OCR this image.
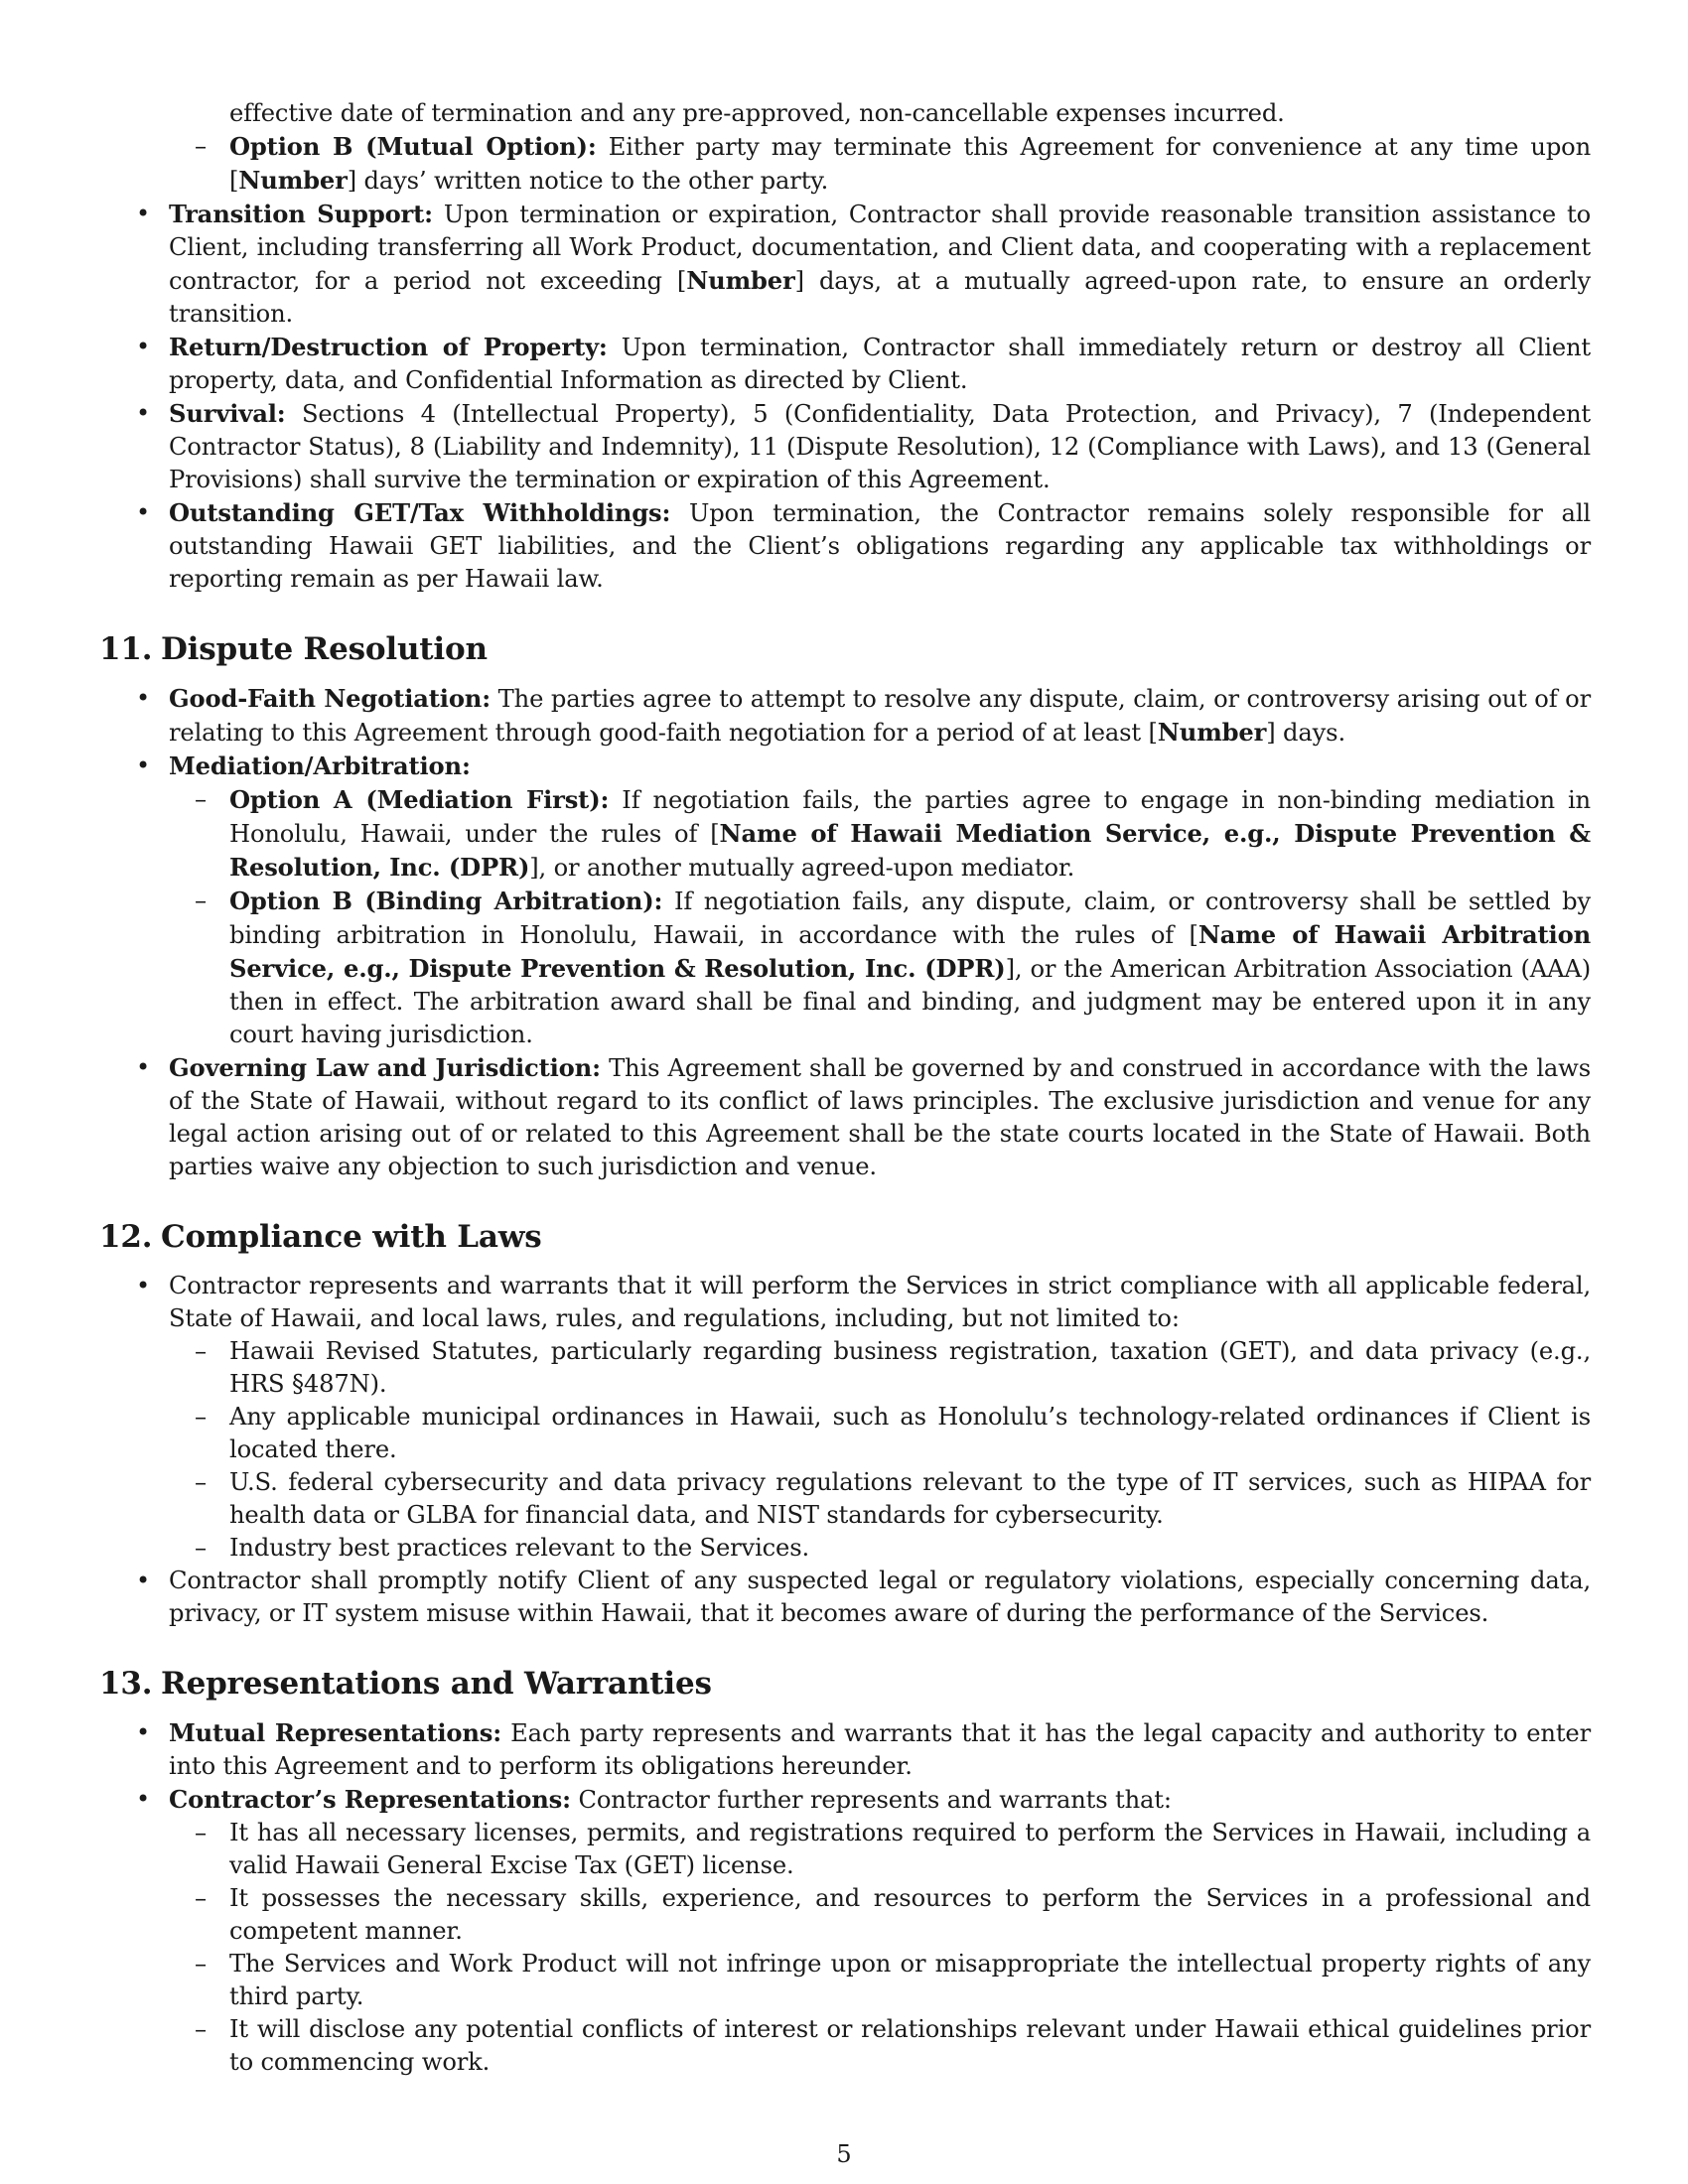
effective date of termination and any pre-approved, non-cancellable expenses incurred.

– Option B (Mutual Option): Either party may terminate this Agreement for convenience at any time upon [Number] days’ written notice to the other party.
• Transition Support: Upon termination or expiration, Contractor shall provide reasonable transition assistance to Client, including transferring all Work Product, documentation, and Client data, and cooperating with a replacement contractor, for a period not exceeding [Number] days, at a mutually agreed-upon rate, to ensure an orderly transition.
• Return/Destruction of Property: Upon termination, Contractor shall immediately return or destroy all Client property, data, and Confidential Information as directed by Client.
• Survival: Sections 4 (Intellectual Property), 5 (Confidentiality, Data Protection, and Privacy), 7 (Independent Contractor Status), 8 (Liability and Indemnity), 11 (Dispute Resolution), 12 (Compliance with Laws), and 13 (General Provisions) shall survive the termination or expiration of this Agreement.
• Outstanding GET/Tax Withholdings: Upon termination, the Contractor remains solely responsible for all outstanding Hawaii GET liabilities, and the Client’s obligations regarding any applicable tax withholdings or reporting remain as per Hawaii law.
11. Dispute Resolution
• Good-Faith Negotiation: The parties agree to attempt to resolve any dispute, claim, or controversy arising out of or relating to this Agreement through good-faith negotiation for a period of at least [Number] days.
• Mediation/Arbitration:
– Option A (Mediation First): If negotiation fails, the parties agree to engage in non-binding mediation in Honolulu, Hawaii, under the rules of [Name of Hawaii Mediation Service, e.g., Dispute Prevention & Resolution, Inc. (DPR)], or another mutually agreed-upon mediator.
– Option B (Binding Arbitration): If negotiation fails, any dispute, claim, or controversy shall be settled by binding arbitration in Honolulu, Hawaii, in accordance with the rules of [Name of Hawaii Arbitration Service, e.g., Dispute Prevention & Resolution, Inc. (DPR)], or the American Arbitration Association (AAA) then in effect. The arbitration award shall be final and binding, and judgment may be entered upon it in any court having jurisdiction.
• Governing Law and Jurisdiction: This Agreement shall be governed by and construed in accordance with the laws of the State of Hawaii, without regard to its conflict of laws principles. The exclusive jurisdiction and venue for any legal action arising out of or related to this Agreement shall be the state courts located in the State of Hawaii. Both parties waive any objection to such jurisdiction and venue.
12. Compliance with Laws
• Contractor represents and warrants that it will perform the Services in strict compliance with all applicable federal, State of Hawaii, and local laws, rules, and regulations, including, but not limited to:
– Hawaii Revised Statutes, particularly regarding business registration, taxation (GET), and data privacy (e.g., HRS §487N).
– Any applicable municipal ordinances in Hawaii, such as Honolulu’s technology-related ordinances if Client is located there.
– U.S. federal cybersecurity and data privacy regulations relevant to the type of IT services, such as HIPAA for health data or GLBA for financial data, and NIST standards for cybersecurity.
– Industry best practices relevant to the Services.
• Contractor shall promptly notify Client of any suspected legal or regulatory violations, especially concerning data, privacy, or IT system misuse within Hawaii, that it becomes aware of during the performance of the Services.
13. Representations and Warranties
• Mutual Representations: Each party represents and warrants that it has the legal capacity and authority to enter into this Agreement and to perform its obligations hereunder.
• Contractor’s Representations: Contractor further represents and warrants that:
– It has all necessary licenses, permits, and registrations required to perform the Services in Hawaii, including a valid Hawaii General Excise Tax (GET) license.
– It possesses the necessary skills, experience, and resources to perform the Services in a professional and competent manner.
– The Services and Work Product will not infringe upon or misappropriate the intellectual property rights of any third party.
– It will disclose any potential conflicts of interest or relationships relevant under Hawaii ethical guidelines prior to commencing work.
5
